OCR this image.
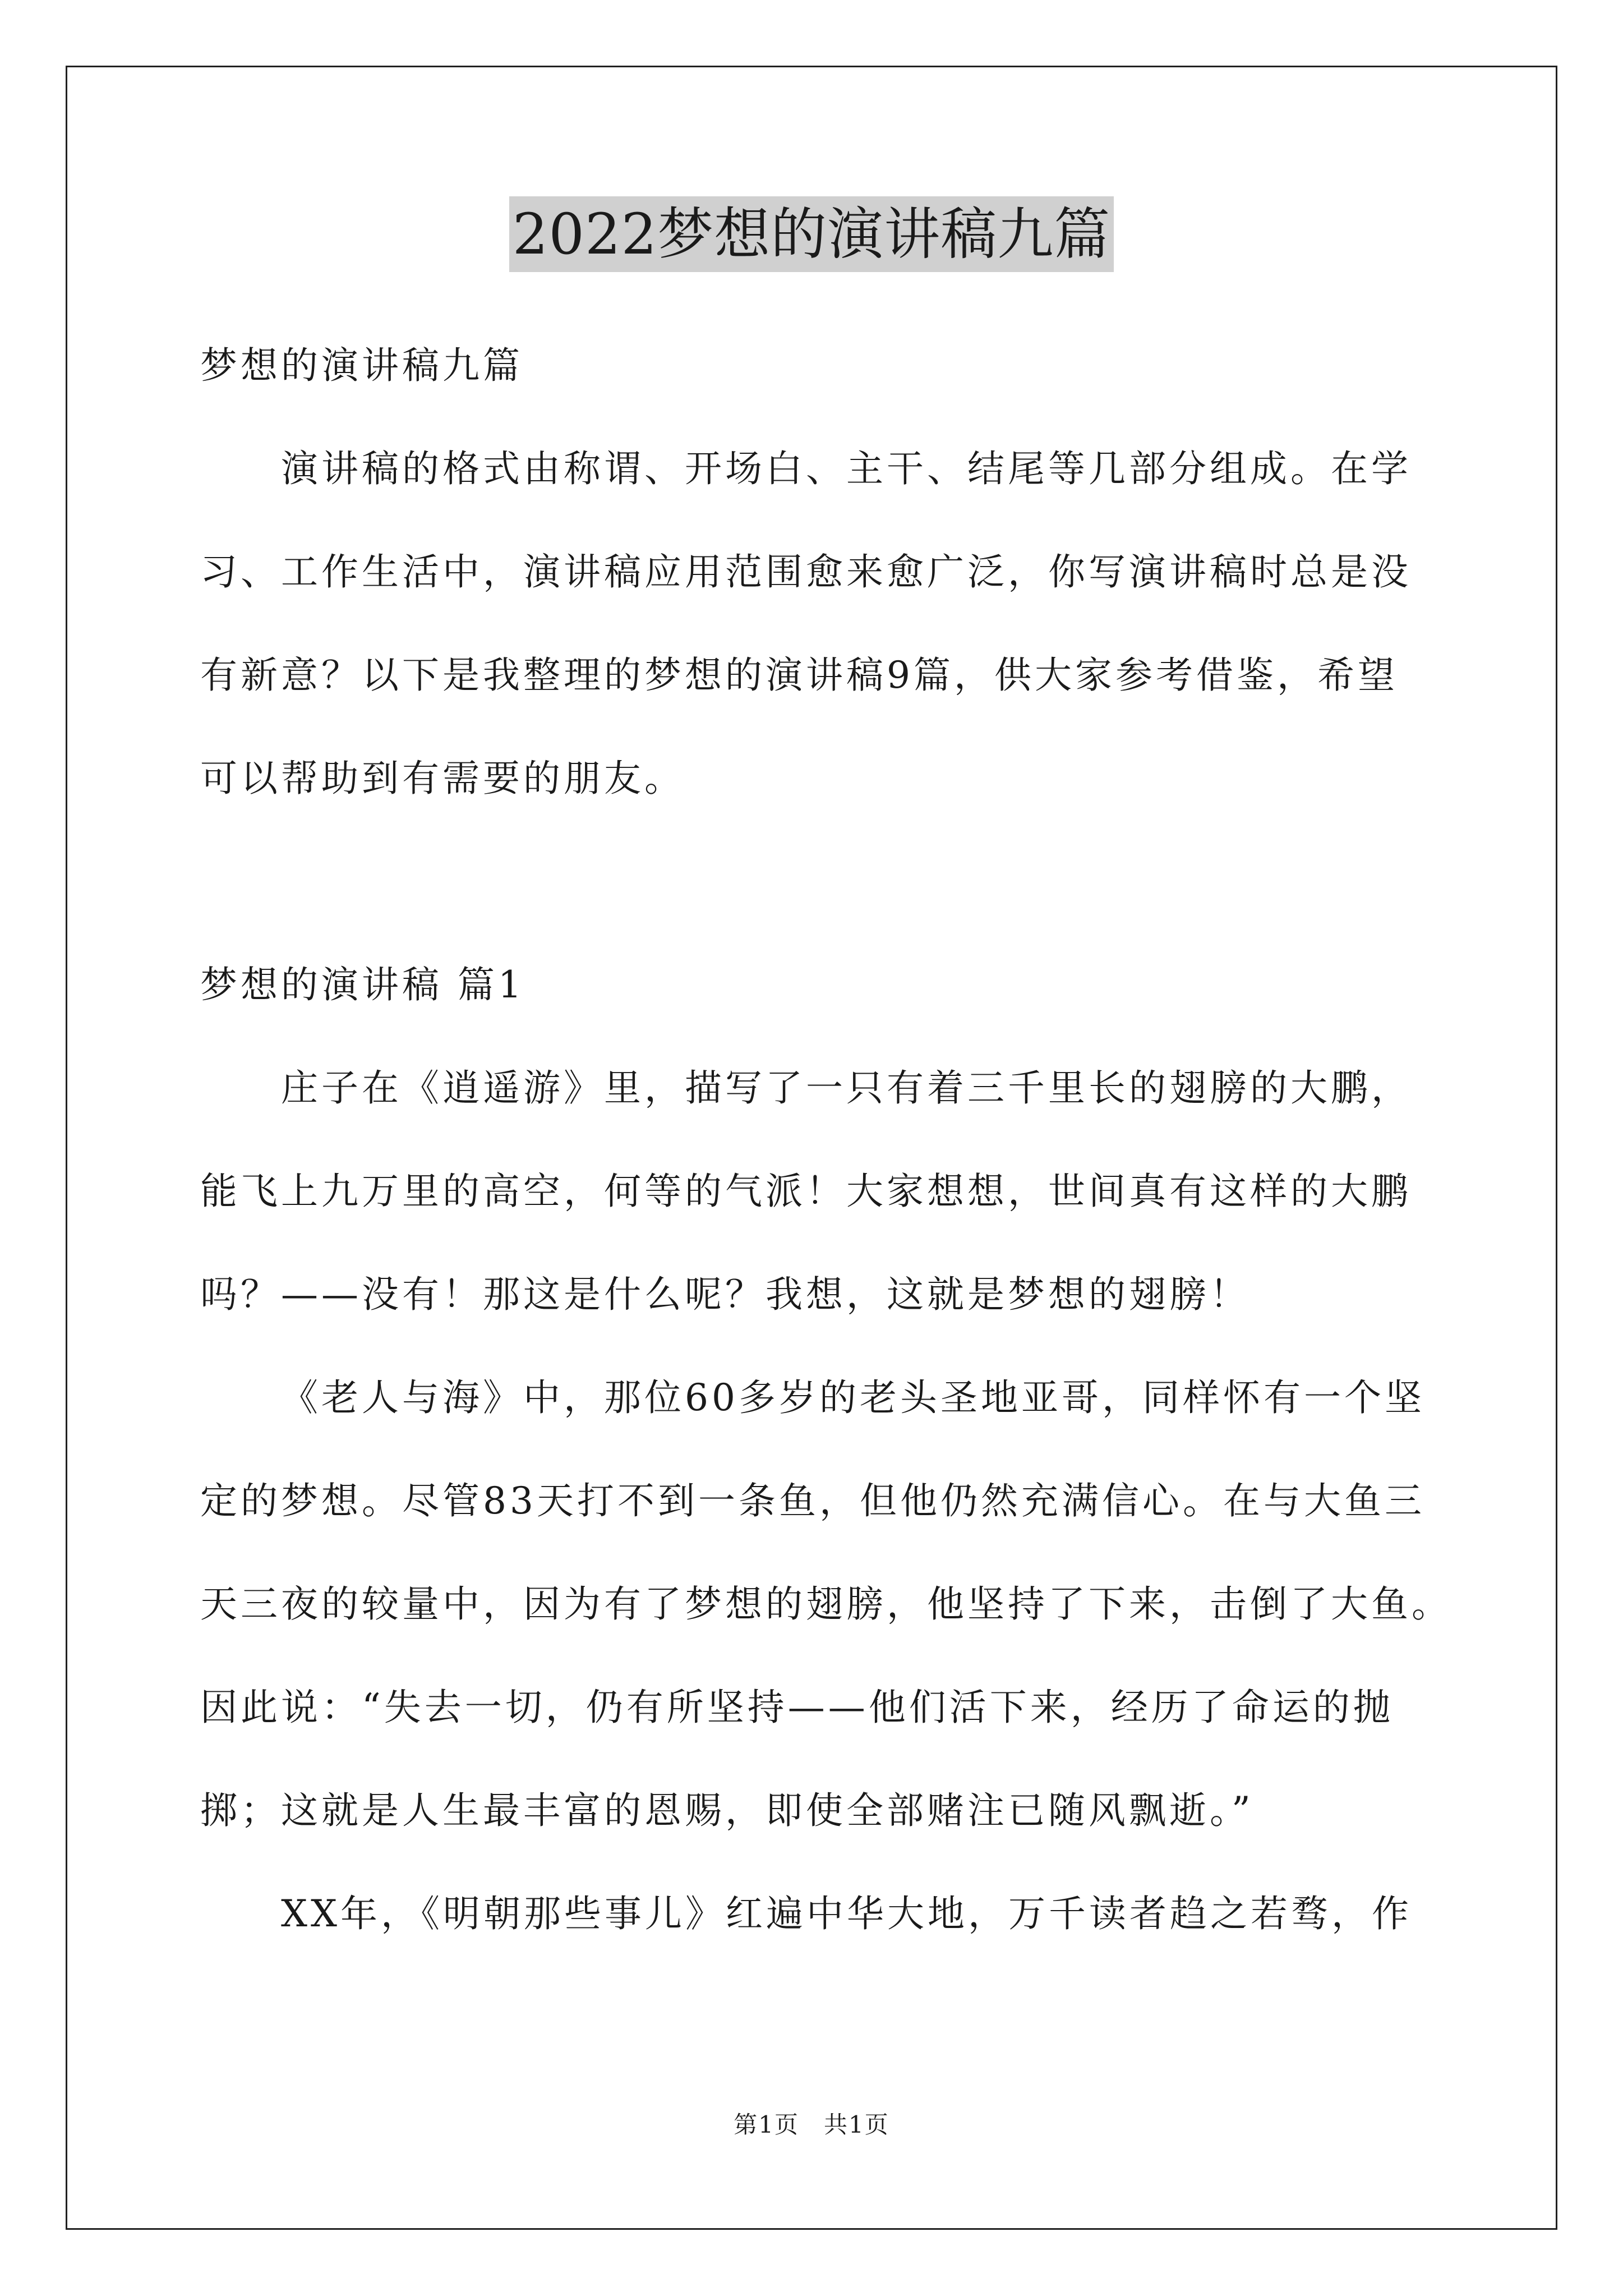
2022梦想的演讲稿九篇
梦想的演讲稿九篇
演讲稿的格式由称谓、开场白、主干、结尾等几部分组成。在学
习、工作生活中，演讲稿应用范围愈来愈广泛，你写演讲稿时总是没
有新意？以下是我整理的梦想的演讲稿9篇，供大家参考借鉴，希望
可以帮助到有需要的朋友。
梦想的演讲稿 篇1
庄子在《逍遥游》里，描写了一只有着三千里长的翅膀的大鹏，
能飞上九万里的高空，何等的气派！大家想想，世间真有这样的大鹏
吗？——没有！那这是什么呢？我想，这就是梦想的翅膀！
《老人与海》中，那位60多岁的老头圣地亚哥，同样怀有一个坚
定的梦想。尽管83天打不到一条鱼，但他仍然充满信心。在与大鱼三
天三夜的较量中，因为有了梦想的翅膀，他坚持了下来，击倒了大鱼。
因此说：“失去一切，仍有所坚持——他们活下来，经历了命运的抛
掷；这就是人生最丰富的恩赐，即使全部赌注已随风飘逝。”
XX年，《明朝那些事儿》红遍中华大地，万千读者趋之若骛，作
第1页　共1页
